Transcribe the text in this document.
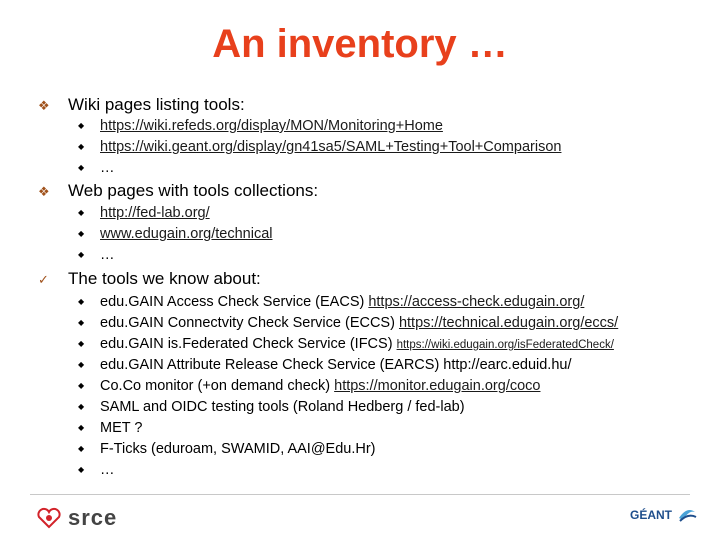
An inventory …
❖ Wiki pages listing tools:
◆ https://wiki.refeds.org/display/MON/Monitoring+Home
◆ https://wiki.geant.org/display/gn41sa5/SAML+Testing+Tool+Comparison
◆ …
❖ Web pages with tools collections:
◆ http://fed-lab.org/
◆ www.edugain.org/technical
◆ …
✓ The tools we know about:
◆ edu.GAIN Access Check Service (EACS) https://access-check.edugain.org/
◆ edu.GAIN Connectvity Check Service (ECCS) https://technical.edugain.org/eccs/
◆ edu.GAIN is.Federated Check Service (IFCS) https://wiki.edugain.org/isFederatedCheck/
◆ edu.GAIN Attribute Release Check Service (EARCS) http://earc.eduid.hu/
◆ Co.Co monitor (+on demand check) https://monitor.edugain.org/coco
◆ SAML and OIDC testing tools (Roland Hedberg / fed-lab)
◆ MET ?
◆ F-Ticks (eduroam, SWAMID, AAI@Edu.Hr)
◆ …
srce	GÉANT
